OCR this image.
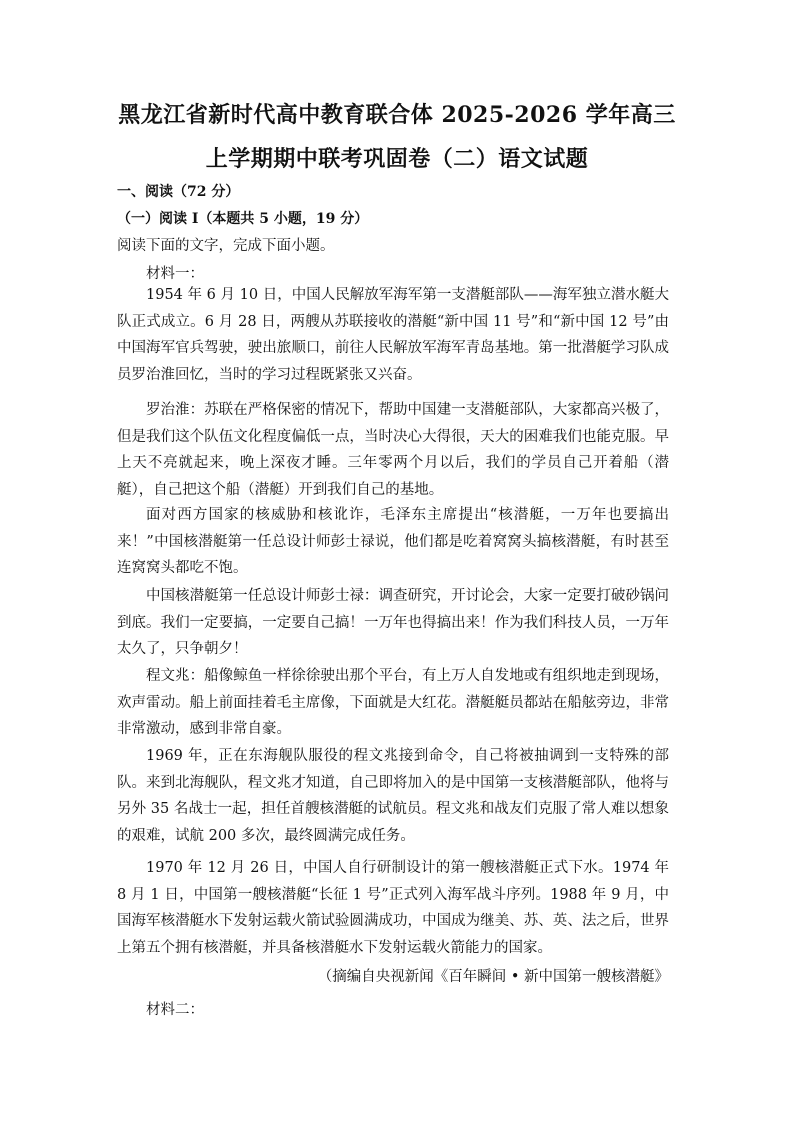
黑龙江省新时代高中教育联合体 2025-2026 学年高三
上学期期中联考巩固卷（二）语文试题
一、阅读（72 分）
（一）阅读 I（本题共 5 小题，19 分）
阅读下面的文字，完成下面小题。
材料一：

1954 年 6 月 10 日，中国人民解放军海军第一支潜艇部队——海军独立潜水艇大队正式成立。6 月 28 日，两艘从苏联接收的潜艇“新中国 11 号”和“新中国 12 号”由中国海军官兵驾驶，驶出旅顺口，前往人民解放军海军青岛基地。第一批潜艇学习队成员罗治淮回忆，当时的学习过程既紧张又兴奋。

罗治淮：苏联在严格保密的情况下，帮助中国建一支潜艇部队，大家都高兴极了，但是我们这个队伍文化程度偏低一点，当时决心大得很，天大的困难我们也能克服。早上天不亮就起来，晚上深夜才睡。三年零两个月以后，我们的学员自己开着船（潜艇），自己把这个船（潜艇）开到我们自己的基地。

面对西方国家的核威胁和核讹诈，毛泽东主席提出“核潜艇，一万年也要搞出来！”中国核潜艇第一任总设计师彭士禄说，他们都是吃着窝窝头搞核潜艇，有时甚至连窝窝头都吃不饱。

中国核潜艇第一任总设计师彭士禄：调查研究，开讨论会，大家一定要打破砂锅问到底。我们一定要搞，一定要自己搞！一万年也得搞出来！作为我们科技人员，一万年太久了，只争朝夕！

程文兆：船像鲸鱼一样徐徐驶出那个平台，有上万人自发地或有组织地走到现场，欢声雷动。船上前面挂着毛主席像，下面就是大红花。潜艇艇员都站在船舷旁边，非常非常激动，感到非常自豪。

1969 年，正在东海舰队服役的程文兆接到命令，自己将被抽调到一支特殊的部队。来到北海舰队，程文兆才知道，自己即将加入的是中国第一支核潜艇部队，他将与另外 35 名战士一起，担任首艘核潜艇的试航员。程文兆和战友们克服了常人难以想象的艰难，试航 200 多次，最终圆满完成任务。

1970 年 12 月 26 日，中国人自行研制设计的第一艘核潜艇正式下水。1974 年 8 月 1 日，中国第一艘核潜艇“长征 1 号”正式列入海军战斗序列。1988 年 9 月，中国海军核潜艇水下发射运载火箭试验圆满成功，中国成为继美、苏、英、法之后，世界上第五个拥有核潜艇，并具备核潜艇水下发射运载火箭能力的国家。

（摘编自央视新闻《百年瞬间 • 新中国第一艘核潜艇》
材料二：
